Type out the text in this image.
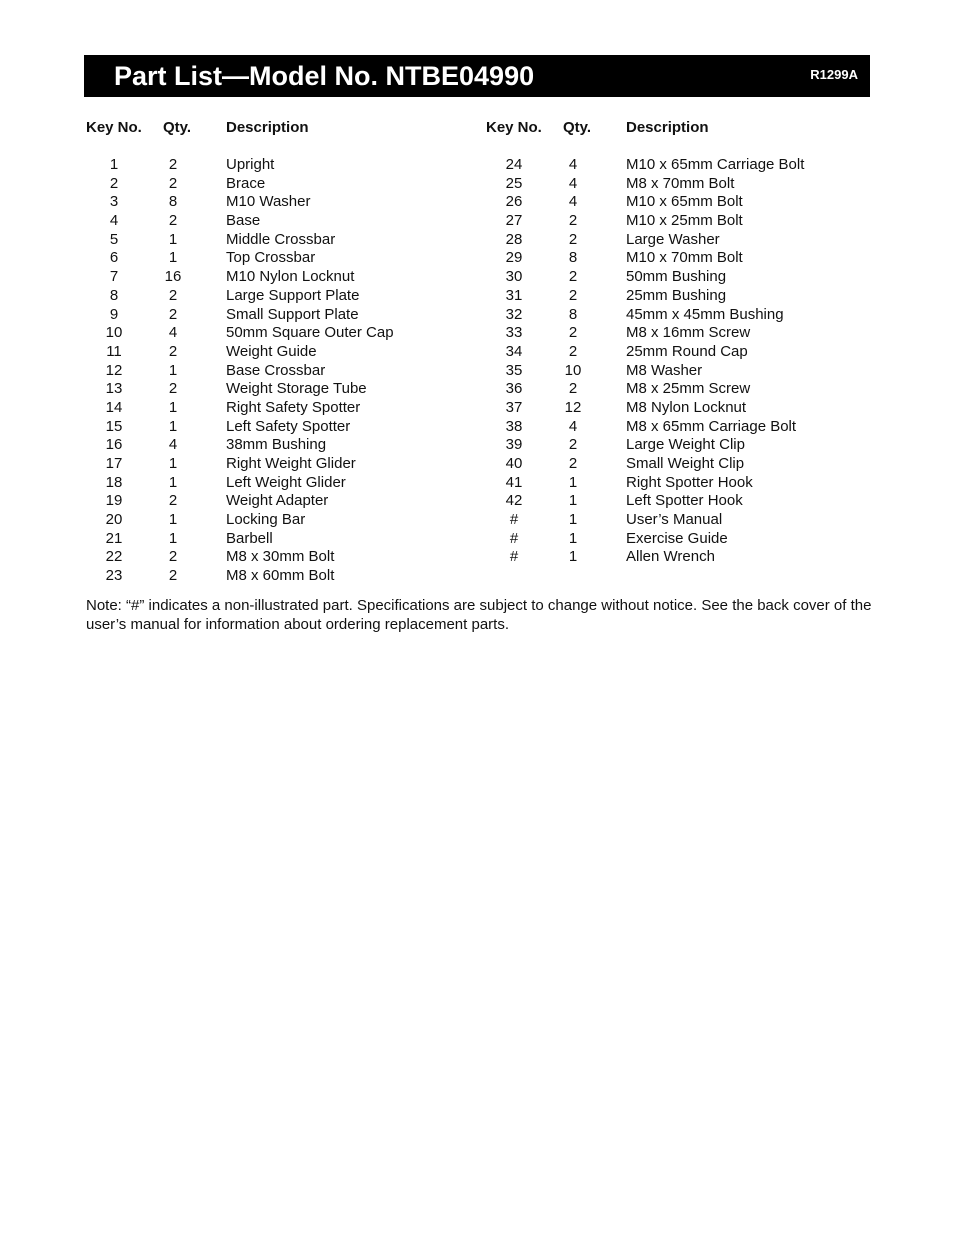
Part List—Model No. NTBE04990	R1299A
Key No. Qty. Description
1	2	Upright
2	2	Brace
3	8	M10 Washer
4	2	Base
5	1	Middle Crossbar
6	1	Top Crossbar
7	16	M10 Nylon Locknut
8	2	Large Support Plate
9	2	Small Support Plate
10	4	50mm Square Outer Cap
11	2	Weight Guide
12	1	Base Crossbar
13	2	Weight Storage Tube
14	1	Right Safety Spotter
15	1	Left Safety Spotter
16	4	38mm Bushing
17	1	Right Weight Glider
18	1	Left Weight Glider
19	2	Weight Adapter
20	1	Locking Bar
21	1	Barbell
22	2	M8 x 30mm Bolt
23	2	M8 x 60mm Bolt
Key No. Qty. Description
24	4	M10 x 65mm Carriage Bolt
25	4	M8 x 70mm Bolt
26	4	M10 x 65mm Bolt
27	2	M10 x 25mm Bolt
28	2	Large Washer
29	8	M10 x 70mm Bolt
30	2	50mm Bushing
31	2	25mm Bushing
32	8	45mm x 45mm Bushing
33	2	M8 x 16mm Screw
34	2	25mm Round Cap
35	10	M8 Washer
36	2	M8 x 25mm Screw
37	12	M8 Nylon Locknut
38	4	M8 x 65mm Carriage Bolt
39	2	Large Weight Clip
40	2	Small Weight Clip
41	1	Right Spotter Hook
42	1	Left Spotter Hook
#	1	User’s Manual
#	1	Exercise Guide
#	1	Allen Wrench
Note: “#” indicates a non-illustrated part. Specifications are subject to change without notice. See the back cover of the user’s manual for information about ordering replacement parts.
